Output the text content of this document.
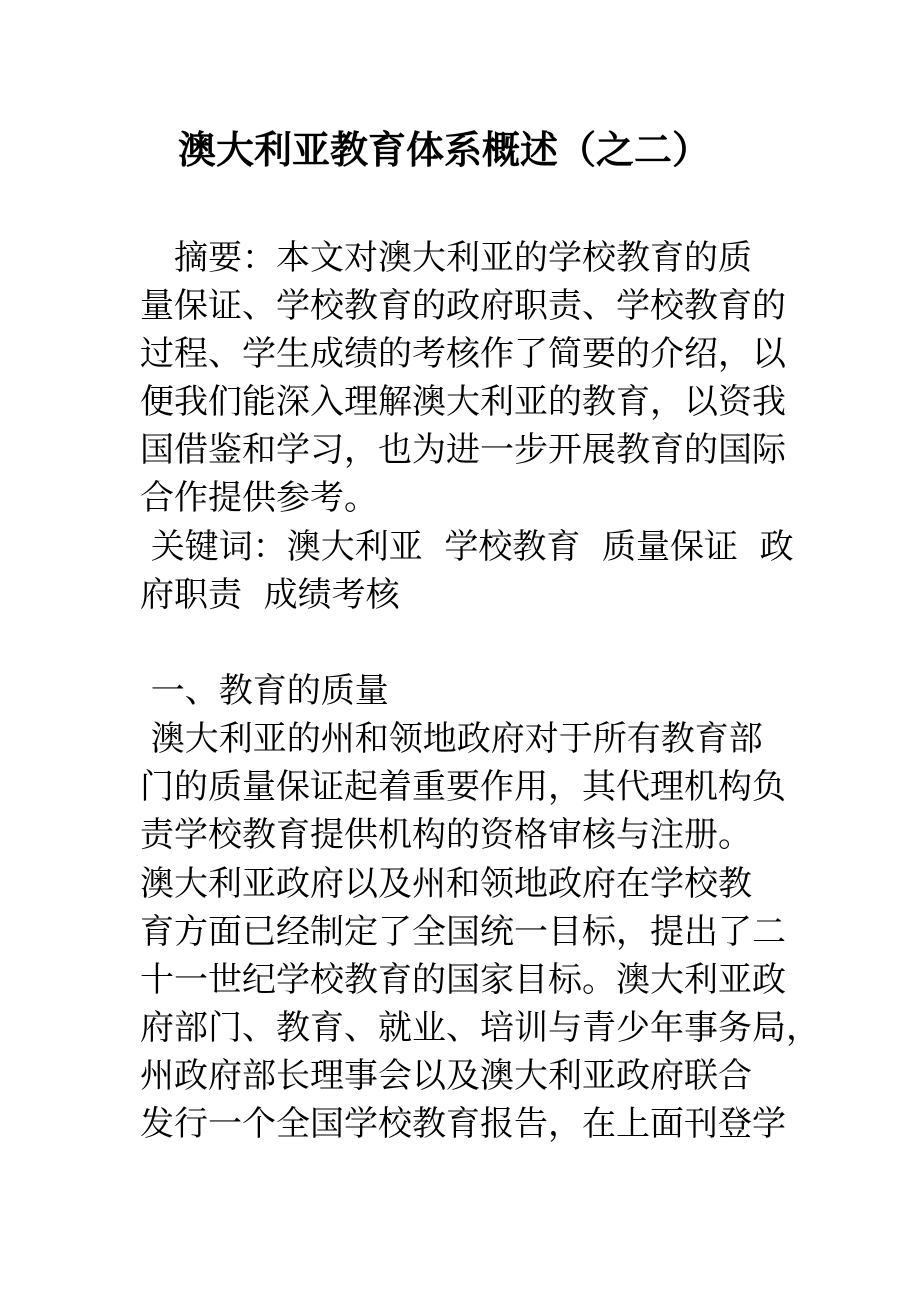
澳大利亚教育体系概述（之二）

　摘要：本文对澳大利亚的学校教育的质

量保证、学校教育的政府职责、学校教育的

过程、学生成绩的考核作了简要的介绍，以

便我们能深入理解澳大利亚的教育，以资我

国借鉴和学习，也为进一步开展教育的国际

合作提供参考。

关键词：澳大利亚  学校教育  质量保证  政

府职责  成绩考核

一、教育的质量

澳大利亚的州和领地政府对于所有教育部

门的质量保证起着重要作用，其代理机构负

责学校教育提供机构的资格审核与注册。

澳大利亚政府以及州和领地政府在学校教

育方面已经制定了全国统一目标，提出了二

十一世纪学校教育的国家目标。澳大利亚政

府部门、教育、就业、培训与青少年事务局，

州政府部长理事会以及澳大利亚政府联合

发行一个全国学校教育报告，在上面刊登学
